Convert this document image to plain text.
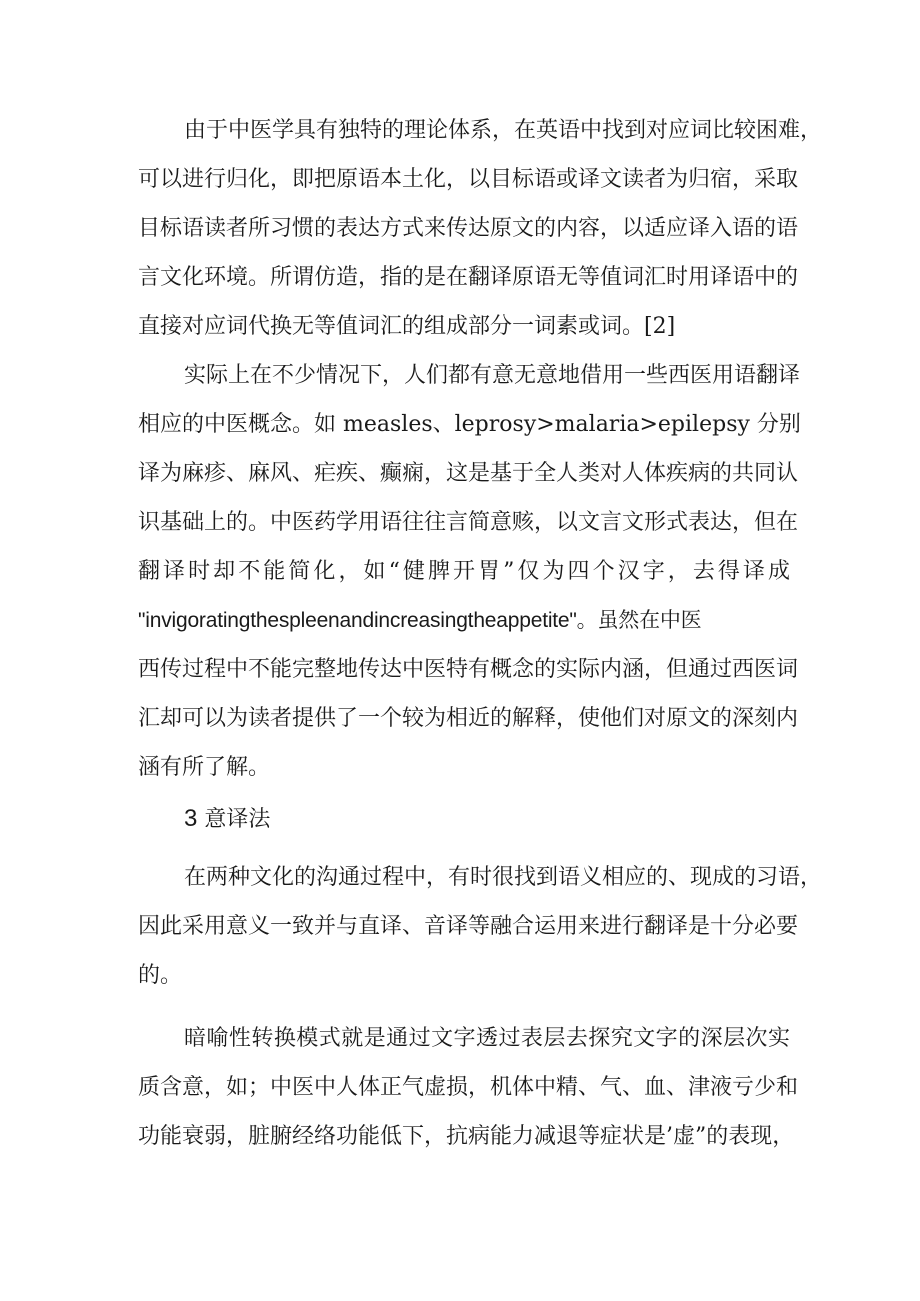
由于中医学具有独特的理论体系，在英语中找到对应词比较困难，
可以进行归化，即把原语本土化，以目标语或译文读者为归宿，采取
目标语读者所习惯的表达方式来传达原文的内容，以适应译入语的语
言文化环境。所谓仿造，指的是在翻译原语无等值词汇时用译语中的
直接对应词代换无等值词汇的组成部分一词素或词。[2]
实际上在不少情况下，人们都有意无意地借用一些西医用语翻译
相应的中医概念。如 measles、leprosy>malaria>epilepsy 分别
译为麻疹、麻风、疟疾、癫痫，这是基于全人类对人体疾病的共同认
识基础上的。中医药学用语往往言简意赅，以文言文形式表达，但在
翻译时却不能简化，如“健脾开胃”仅为四个汉字，去得译成
"invigoratingthespleenandincreasingtheappetite"。虽然在中医
西传过程中不能完整地传达中医特有概念的实际内涵，但通过西医词
汇却可以为读者提供了一个较为相近的解释，使他们对原文的深刻内
涵有所了解。
3 意译法
在两种文化的沟通过程中，有时很找到语义相应的、现成的习语，
因此采用意义一致并与直译、音译等融合运用来进行翻译是十分必要
的。
暗喻性转换模式就是通过文字透过表层去探究文字的深层次实
质含意，如；中医中人体正气虚损，机体中精、气、血、津液亏少和
功能衰弱，脏腑经络功能低下，抗病能力减退等症状是’虚”的表现，
